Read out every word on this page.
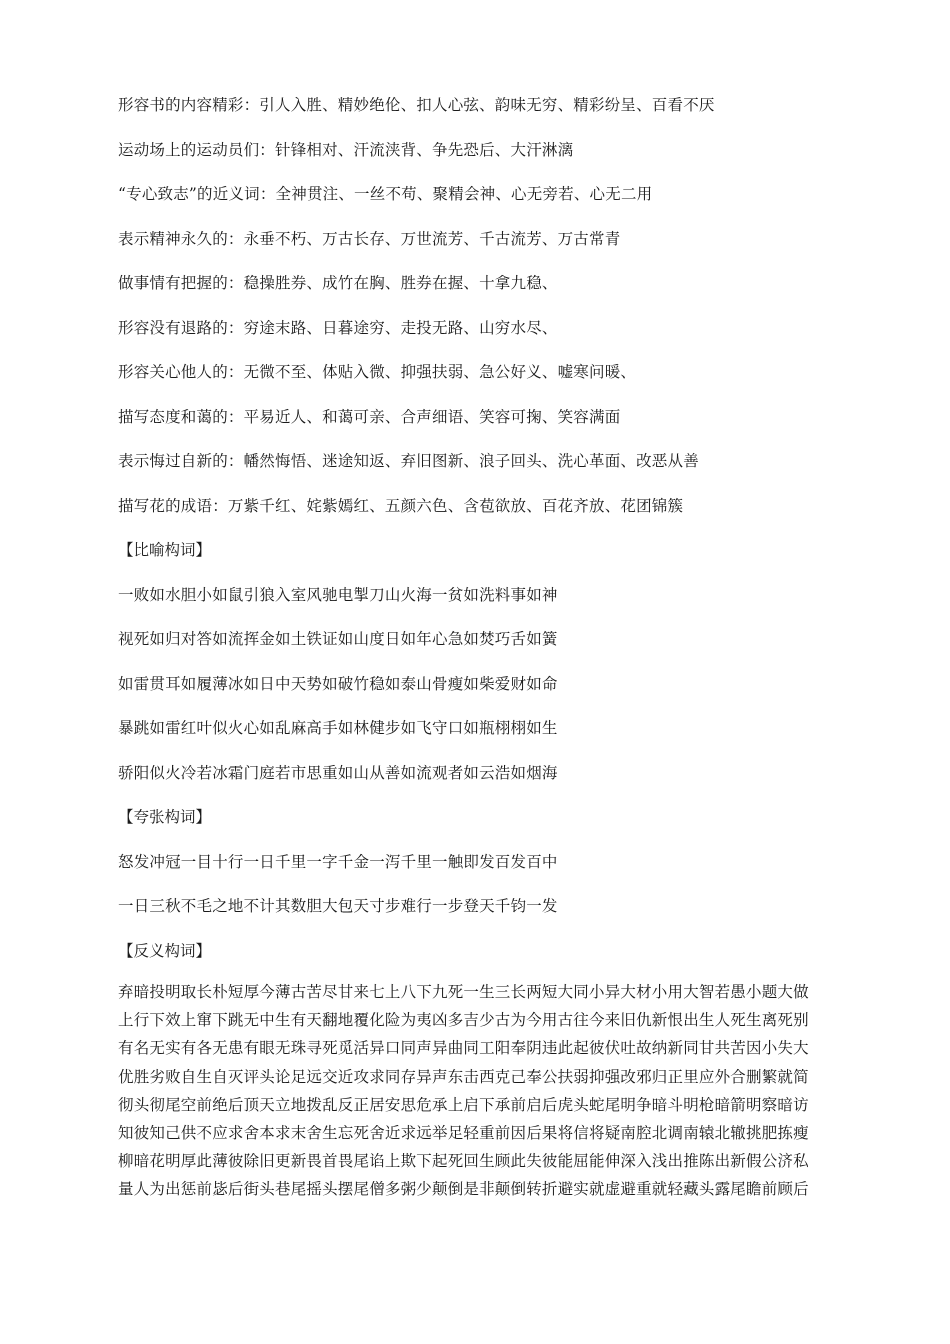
形容书的内容精彩：引人入胜、精妙绝伦、扣人心弦、韵味无穷、精彩纷呈、百看不厌
运动场上的运动员们：针锋相对、汗流浃背、争先恐后、大汗淋漓
“专心致志”的近义词：全神贯注、一丝不苟、聚精会神、心无旁若、心无二用
表示精神永久的：永垂不朽、万古长存、万世流芳、千古流芳、万古常青
做事情有把握的：稳操胜券、成竹在胸、胜券在握、十拿九稳、
形容没有退路的：穷途末路、日暮途穷、走投无路、山穷水尽、
形容关心他人的：无微不至、体贴入微、抑强扶弱、急公好义、嘘寒问暖、
描写态度和蔼的：平易近人、和蔼可亲、合声细语、笑容可掬、笑容满面
表示悔过自新的：幡然悔悟、迷途知返、弃旧图新、浪子回头、洗心革面、改恶从善
描写花的成语：万紫千红、姹紫嫣红、五颜六色、含苞欲放、百花齐放、花团锦簇
【比喻构词】
一败如水胆小如鼠引狼入室风驰电掣刀山火海一贫如洗料事如神
视死如归对答如流挥金如土铁证如山度日如年心急如焚巧舌如簧
如雷贯耳如履薄冰如日中天势如破竹稳如泰山骨瘦如柴爱财如命
暴跳如雷红叶似火心如乱麻高手如林健步如飞守口如瓶栩栩如生
骄阳似火冷若冰霜门庭若市思重如山从善如流观者如云浩如烟海
【夸张构词】
怒发冲冠一目十行一日千里一字千金一泻千里一触即发百发百中
一日三秋不毛之地不计其数胆大包天寸步难行一步登天千钧一发
【反义构词】
弃暗投明取长朴短厚今薄古苦尽甘来七上八下九死一生三长两短大同小异大材小用大智若愚小题大做
上行下效上窜下跳无中生有天翻地覆化险为夷凶多吉少古为今用古往今来旧仇新恨出生人死生离死别
有名无实有各无患有眼无珠寻死觅活异口同声异曲同工阳奉阴违此起彼伏吐故纳新同甘共苦因小失大
优胜劣败自生自灭评头论足远交近攻求同存异声东击西克己奉公扶弱抑强改邪归正里应外合删繁就简
彻头彻尾空前绝后顶天立地拨乱反正居安思危承上启下承前启后虎头蛇尾明争暗斗明枪暗箭明察暗访
知彼知己供不应求舍本求末舍生忘死舍近求远举足轻重前因后果将信将疑南腔北调南辕北辙挑肥拣瘦
柳暗花明厚此薄彼除旧更新畏首畏尾谄上欺下起死回生顾此失彼能屈能伸深入浅出推陈出新假公济私
量人为出惩前毖后街头巷尾摇头摆尾僧多粥少颠倒是非颠倒转折避实就虚避重就轻藏头露尾瞻前顾后
